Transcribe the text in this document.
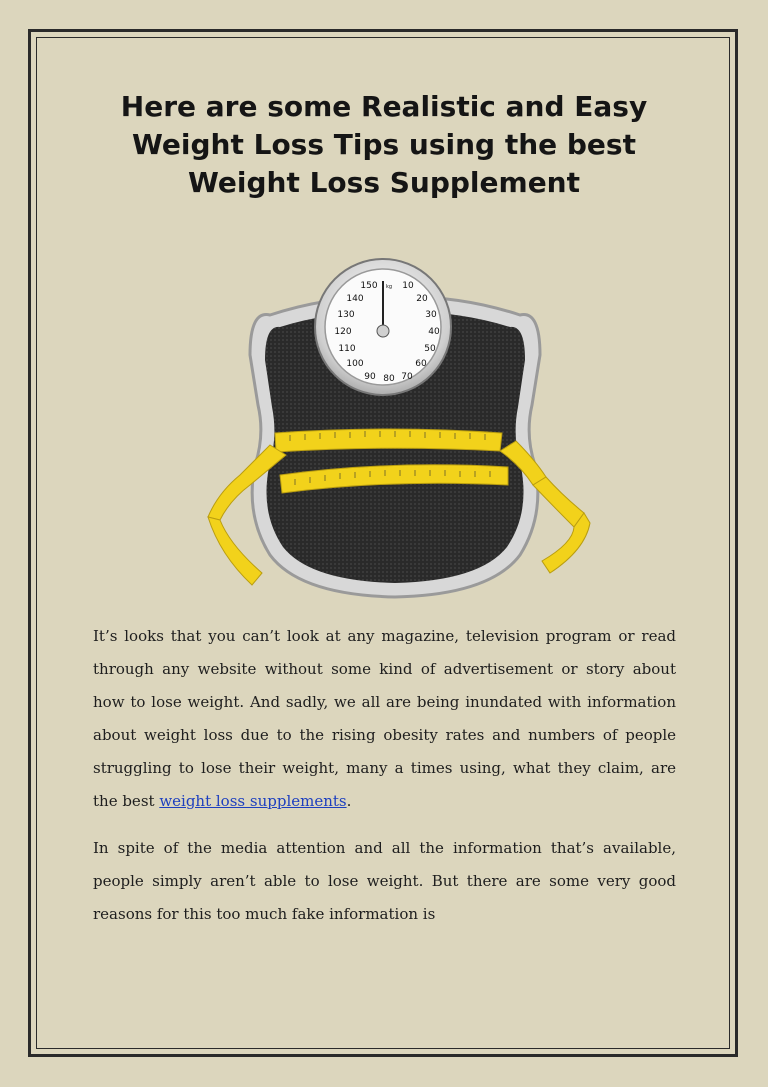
Here are some Realistic and Easy Weight Loss Tips using the best Weight Loss Supplement
150	10
140	20
130	30
120	40
110	50
100	60
90 80 70
kg

It’s looks that you can’t look at any magazine, television program or read through any website without some kind of advertisement or story about how to lose weight. And sadly, we all are being inundated with information about weight loss due to the rising obesity rates and numbers of people struggling to lose their weight, many a times using, what they claim, are the best weight loss supplements.

In spite of the media attention and all the information that’s available, people simply aren’t able to lose weight. But there are some very good reasons for this too much fake information is
